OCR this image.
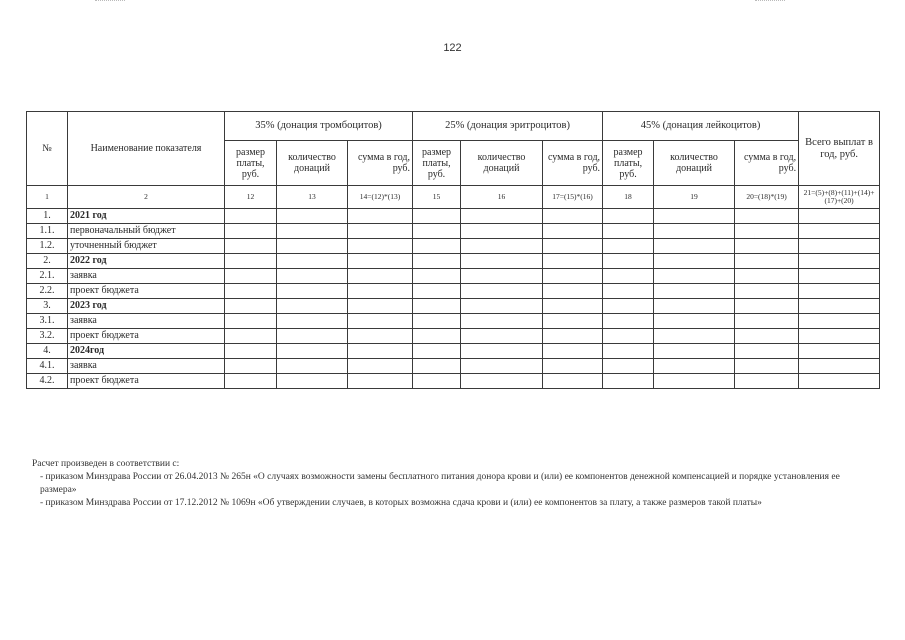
122
№	Наименование показателя	35% (донация тромбоцитов)			25% (донация эритроцитов)			45% (донация лейкоцитов)			Всего выплат в год, руб.
		размер платы, руб.	количество донаций	сумма в год, руб.	размер платы, руб.	количество донаций	сумма в год, руб.	размер платы, руб.	количество донаций	сумма в год, руб.	
1	2	12	13	14=(12)*(13)	15	16	17=(15)*(16)	18	19	20=(18)*(19)	21=(5)+(8)+(11)+(14)+(17)+(20)
1.	2021 год										
1.1.	первоначальный бюджет										
1.2.	уточненный бюджет										
2.	2022 год										
2.1.	заявка										
2.2.	проект бюджета										
3.	2023 год										
3.1.	заявка										
3.2.	проект бюджета										
4.	2024год										
4.1.	заявка										
4.2.	проект бюджета										

Расчет произведен в соответствии с:

- приказом Минздрава России от 26.04.2013 № 265н «О случаях возможности замены бесплатного питания донора крови и (или) ее компонентов денежной компенсацией и порядке установления ее размера»

- приказом Минздрава России от 17.12.2012 № 1069н «Об утверждении случаев, в которых возможна сдача крови и (или) ее компонентов за плату, а также размеров такой платы»
